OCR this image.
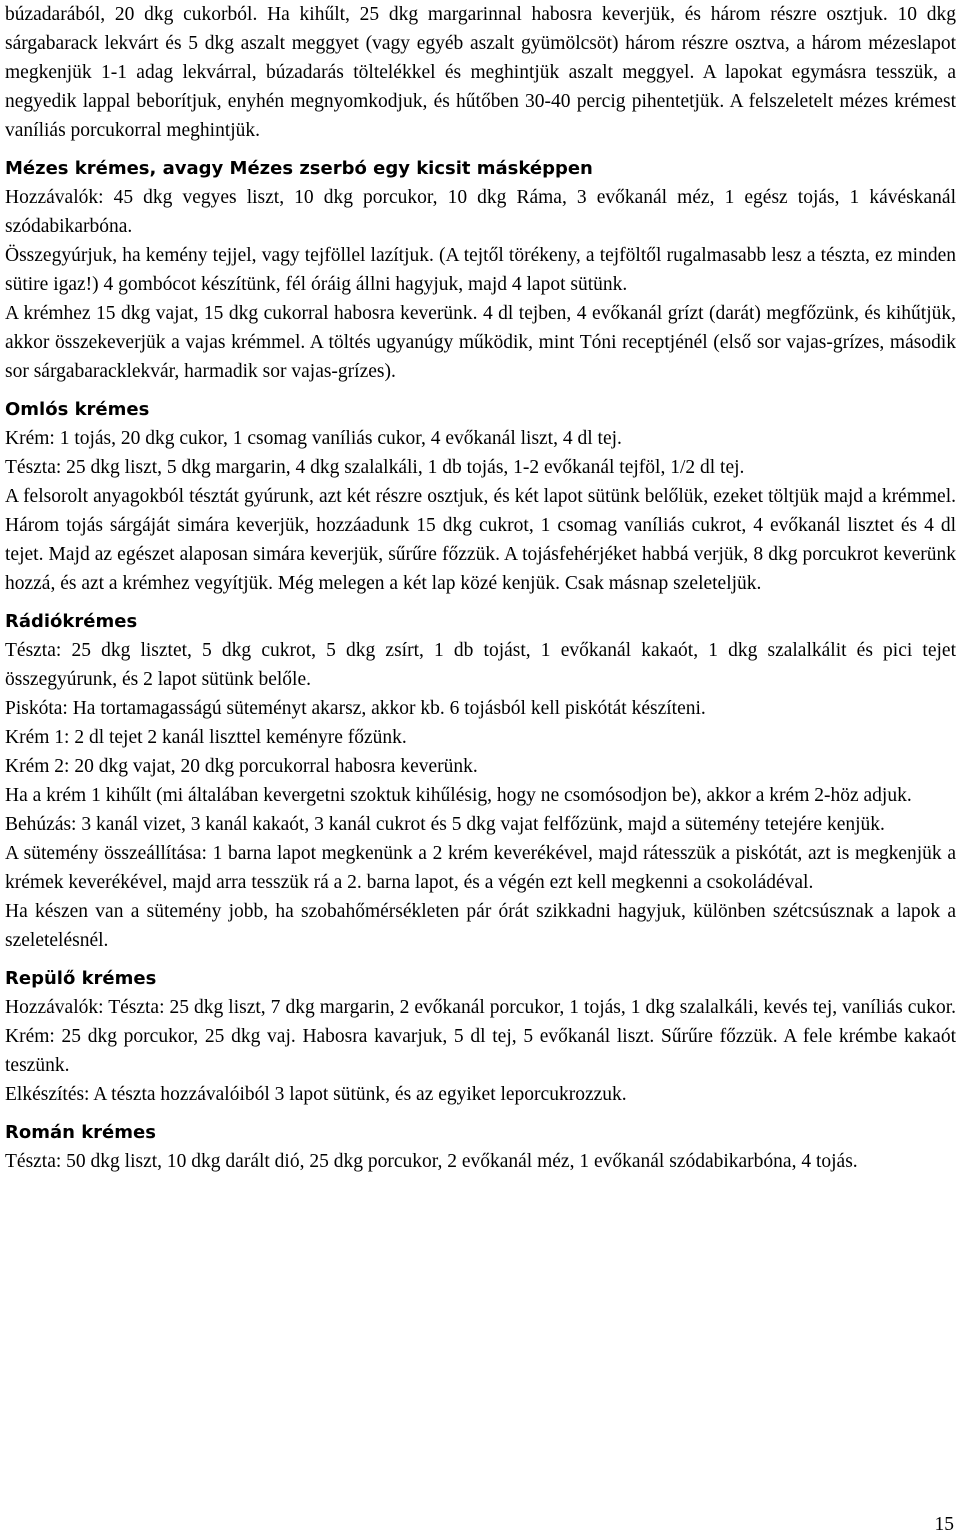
búzadarából, 20 dkg cukorból. Ha kihűlt, 25 dkg margarinnal habosra keverjük, és három részre osztjuk. 10 dkg sárgabarack lekvárt és 5 dkg aszalt meggyet (vagy egyéb aszalt gyümölcsöt) három részre osztva, a három mézeslapot megkenjük 1-1 adag lekvárral, búzadarás töltelékkel és meghintjük aszalt meggyel. A lapokat egymásra tesszük, a negyedik lappal beborítjuk, enyhén megnyomkodjuk, és hűtőben 30-40 percig pihentetjük. A felszeletelt mézes krémest vaníliás porcukorral meghintjük.

Mézes krémes, avagy Mézes zserbó egy kicsit másképpen

Hozzávalók: 45 dkg vegyes liszt, 10 dkg porcukor, 10 dkg Ráma, 3 evőkanál méz, 1 egész tojás, 1 kávéskanál szódabikarbóna.

Összegyúrjuk, ha kemény tejjel, vagy tejföllel lazítjuk. (A tejtől törékeny, a tejföltől rugalmasabb lesz a tészta, ez minden sütire igaz!) 4 gombócot készítünk, fél óráig állni hagyjuk, majd 4 lapot sütünk.

A krémhez 15 dkg vajat, 15 dkg cukorral habosra keverünk. 4 dl tejben, 4 evőkanál grízt (darát) megfőzünk, és kihűtjük, akkor összekeverjük a vajas krémmel. A töltés ugyanúgy működik, mint Tóni receptjénél (első sor vajas-grízes, második sor sárgabaracklekvár, harmadik sor vajas-grízes).

Omlós krémes

Krém: 1 tojás, 20 dkg cukor, 1 csomag vaníliás cukor, 4 evőkanál liszt, 4 dl tej.

Tészta: 25 dkg liszt, 5 dkg margarin, 4 dkg szalalkáli, 1 db tojás, 1-2 evőkanál tejföl, 1/2 dl tej.

A felsorolt anyagokból tésztát gyúrunk, azt két részre osztjuk, és két lapot sütünk belőlük, ezeket töltjük majd a krémmel. Három tojás sárgáját simára keverjük, hozzáadunk 15 dkg cukrot, 1 csomag vaníliás cukrot, 4 evőkanál lisztet és 4 dl tejet. Majd az egészet alaposan simára keverjük, sűrűre főzzük. A tojásfehérjéket habbá verjük, 8 dkg porcukrot keverünk hozzá, és azt a krémhez vegyítjük. Még melegen a két lap közé kenjük. Csak másnap szeleteljük.

Rádiókrémes

Tészta: 25 dkg lisztet, 5 dkg cukrot, 5 dkg zsírt, 1 db tojást, 1 evőkanál kakaót, 1 dkg szalalkálit és pici tejet összegyúrunk, és 2 lapot sütünk belőle.

Piskóta: Ha tortamagasságú süteményt akarsz, akkor kb. 6 tojásból kell piskótát készíteni.

Krém 1: 2 dl tejet 2 kanál liszttel keményre főzünk.

Krém 2: 20 dkg vajat, 20 dkg porcukorral habosra keverünk.

Ha a krém 1 kihűlt (mi általában kevergetni szoktuk kihűlésig, hogy ne csomósodjon be), akkor a krém 2-höz adjuk.

Behúzás: 3 kanál vizet, 3 kanál kakaót, 3 kanál cukrot és 5 dkg vajat felfőzünk, majd a sütemény tetejére kenjük.

A sütemény összeállítása: 1 barna lapot megkenünk a 2 krém keverékével, majd rátesszük a piskótát, azt is megkenjük a krémek keverékével, majd arra tesszük rá a 2. barna lapot, és a végén ezt kell megkenni a csokoládéval.

Ha készen van a sütemény jobb, ha szobahőmérsékleten pár órát szikkadni hagyjuk, különben szétcsúsznak a lapok a szeletelésnél.

Repülő krémes

Hozzávalók: Tészta: 25 dkg liszt, 7 dkg margarin, 2 evőkanál porcukor, 1 tojás, 1 dkg szalalkáli, kevés tej, vaníliás cukor. Krém: 25 dkg porcukor, 25 dkg vaj. Habosra kavarjuk, 5 dl tej, 5 evőkanál liszt. Sűrűre főzzük. A fele krémbe kakaót teszünk.

Elkészítés: A tészta hozzávalóiból 3 lapot sütünk, és az egyiket leporcukrozzuk.

Román krémes

Tészta: 50 dkg liszt, 10 dkg darált dió, 25 dkg porcukor, 2 evőkanál méz, 1 evőkanál szódabikarbóna, 4 tojás.

15
